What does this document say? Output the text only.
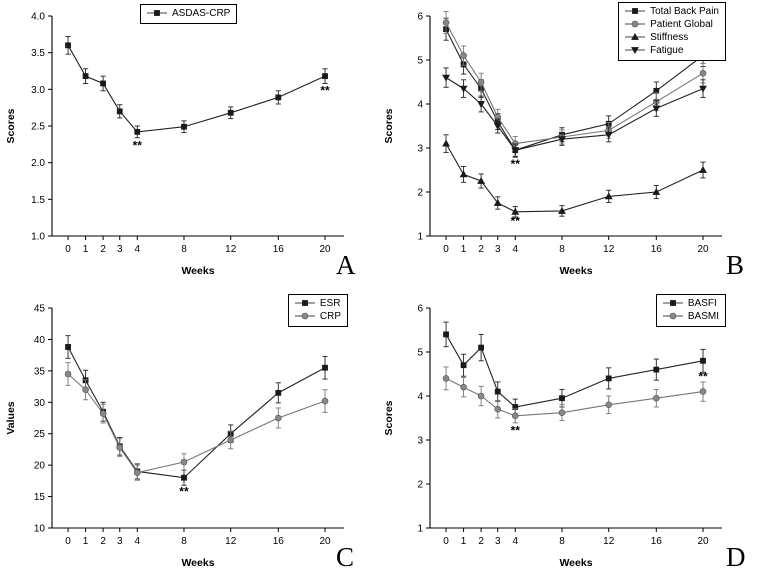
1.0
1.5
2.0
2.5
3.0
3.5
4.0
0 1 2 3 4	8	12	16	20
Weeks
Scores
**
**
ASDAS-CRP
A
1
2
3
4
5
6
0 1 2 3 4	8	12	16	20
Weeks
Scores
**
**
Total Back Pain
Patient Global
Stiffness
Fatigue
B
10
15
20
25
30
35
40
45
0 1 2 3 4	8	12	16	20
Weeks
Values
**
ESR
CRP
C
1
2
3
4
5
6
0 1 2 3 4	8	12	16	20
Weeks
Scores	**
**
BASFI
BASMI
D
